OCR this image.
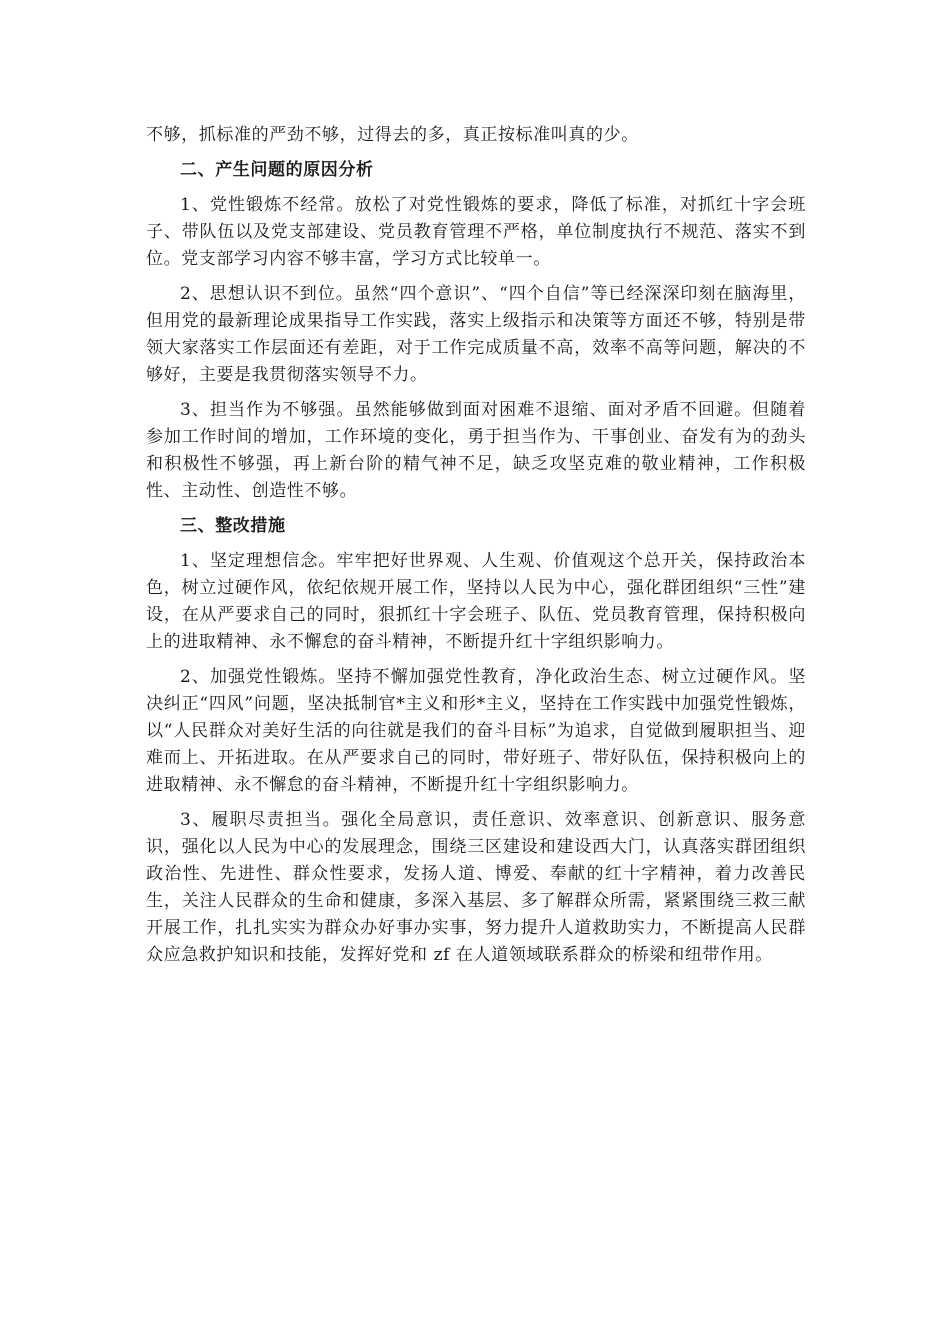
不够，抓标准的严劲不够，过得去的多，真正按标准叫真的少。

二、产生问题的原因分析

1、党性锻炼不经常。放松了对党性锻炼的要求，降低了标准，对抓红十字会班子、带队伍以及党支部建设、党员教育管理不严格，单位制度执行不规范、落实不到位。党支部学习内容不够丰富，学习方式比较单一。

2、思想认识不到位。虽然“四个意识”、“四个自信”等已经深深印刻在脑海里，但用党的最新理论成果指导工作实践，落实上级指示和决策等方面还不够，特别是带领大家落实工作层面还有差距，对于工作完成质量不高，效率不高等问题，解决的不够好，主要是我贯彻落实领导不力。

3、担当作为不够强。虽然能够做到面对困难不退缩、面对矛盾不回避。但随着参加工作时间的增加，工作环境的变化，勇于担当作为、干事创业、奋发有为的劲头和积极性不够强，再上新台阶的精气神不足，缺乏攻坚克难的敬业精神，工作积极性、主动性、创造性不够。

三、整改措施

1、坚定理想信念。牢牢把好世界观、人生观、价值观这个总开关，保持政治本色，树立过硬作风，依纪依规开展工作，坚持以人民为中心，强化群团组织“三性”建设，在从严要求自己的同时，狠抓红十字会班子、队伍、党员教育管理，保持积极向上的进取精神、永不懈怠的奋斗精神，不断提升红十字组织影响力。

2、加强党性锻炼。坚持不懈加强党性教育，净化政治生态、树立过硬作风。坚决纠正“四风”问题，坚决抵制官*主义和形*主义，坚持在工作实践中加强党性锻炼，以“人民群众对美好生活的向往就是我们的奋斗目标”为追求，自觉做到履职担当、迎难而上、开拓进取。在从严要求自己的同时，带好班子、带好队伍，保持积极向上的进取精神、永不懈怠的奋斗精神，不断提升红十字组织影响力。

3、履职尽责担当。强化全局意识，责任意识、效率意识、创新意识、服务意识，强化以人民为中心的发展理念，围绕三区建设和建设西大门，认真落实群团组织政治性、先进性、群众性要求，发扬人道、博爱、奉献的红十字精神，着力改善民生，关注人民群众的生命和健康，多深入基层、多了解群众所需，紧紧围绕三救三献开展工作，扎扎实实为群众办好事办实事，努力提升人道救助实力，不断提高人民群众应急救护知识和技能，发挥好党和 zf 在人道领域联系群众的桥梁和纽带作用。
